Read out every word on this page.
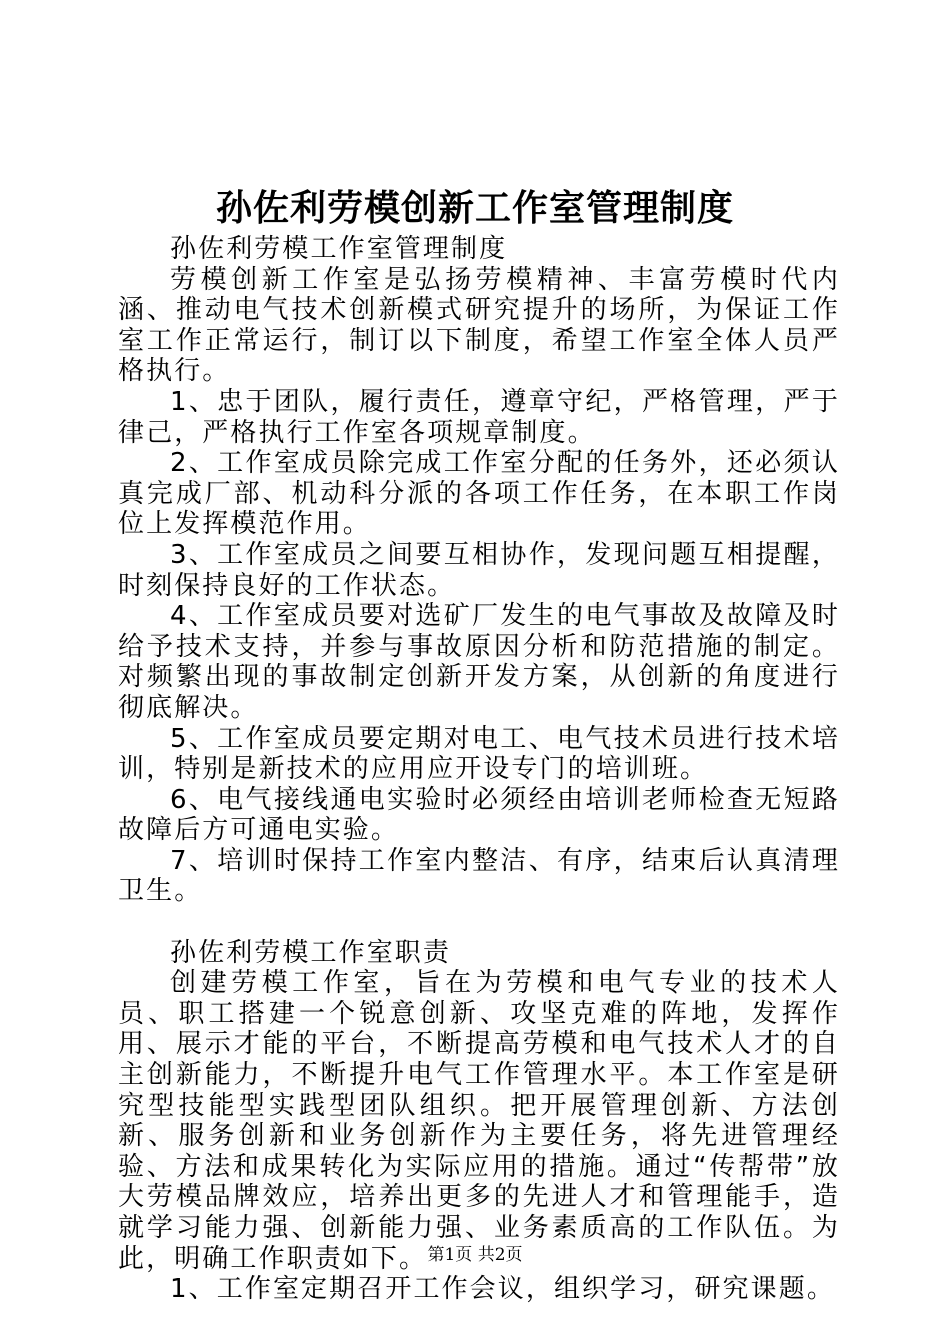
孙佐利劳模创新工作室管理制度

孙佐利劳模工作室管理制度

劳模创新工作室是弘扬劳模精神、丰富劳模时代内涵、推动电气技术创新模式研究提升的场所，为保证工作室工作正常运行，制订以下制度，希望工作室全体人员严格执行。

1、忠于团队，履行责任，遵章守纪，严格管理，严于律己，严格执行工作室各项规章制度。

2、工作室成员除完成工作室分配的任务外，还必须认真完成厂部、机动科分派的各项工作任务，在本职工作岗位上发挥模范作用。

3、工作室成员之间要互相协作，发现问题互相提醒，时刻保持良好的工作状态。

4、工作室成员要对选矿厂发生的电气事故及故障及时给予技术支持，并参与事故原因分析和防范措施的制定。对频繁出现的事故制定创新开发方案，从创新的角度进行彻底解决。

5、工作室成员要定期对电工、电气技术员进行技术培训，特别是新技术的应用应开设专门的培训班。

6、电气接线通电实验时必须经由培训老师检查无短路故障后方可通电实验。

7、培训时保持工作室内整洁、有序，结束后认真清理卫生。

孙佐利劳模工作室职责

创建劳模工作室，旨在为劳模和电气专业的技术人员、职工搭建一个锐意创新、攻坚克难的阵地，发挥作用、展示才能的平台，不断提高劳模和电气技术人才的自主创新能力，不断提升电气工作管理水平。本工作室是研究型技能型实践型团队组织。把开展管理创新、方法创新、服务创新和业务创新作为主要任务，将先进管理经验、方法和成果转化为实际应用的措施。通过“传帮带”放大劳模品牌效应，培养出更多的先进人才和管理能手，造就学习能力强、创新能力强、业务素质高的工作队伍。为此，明确工作职责如下。

1、工作室定期召开工作会议，组织学习，研究课题。

第1页 共2页
